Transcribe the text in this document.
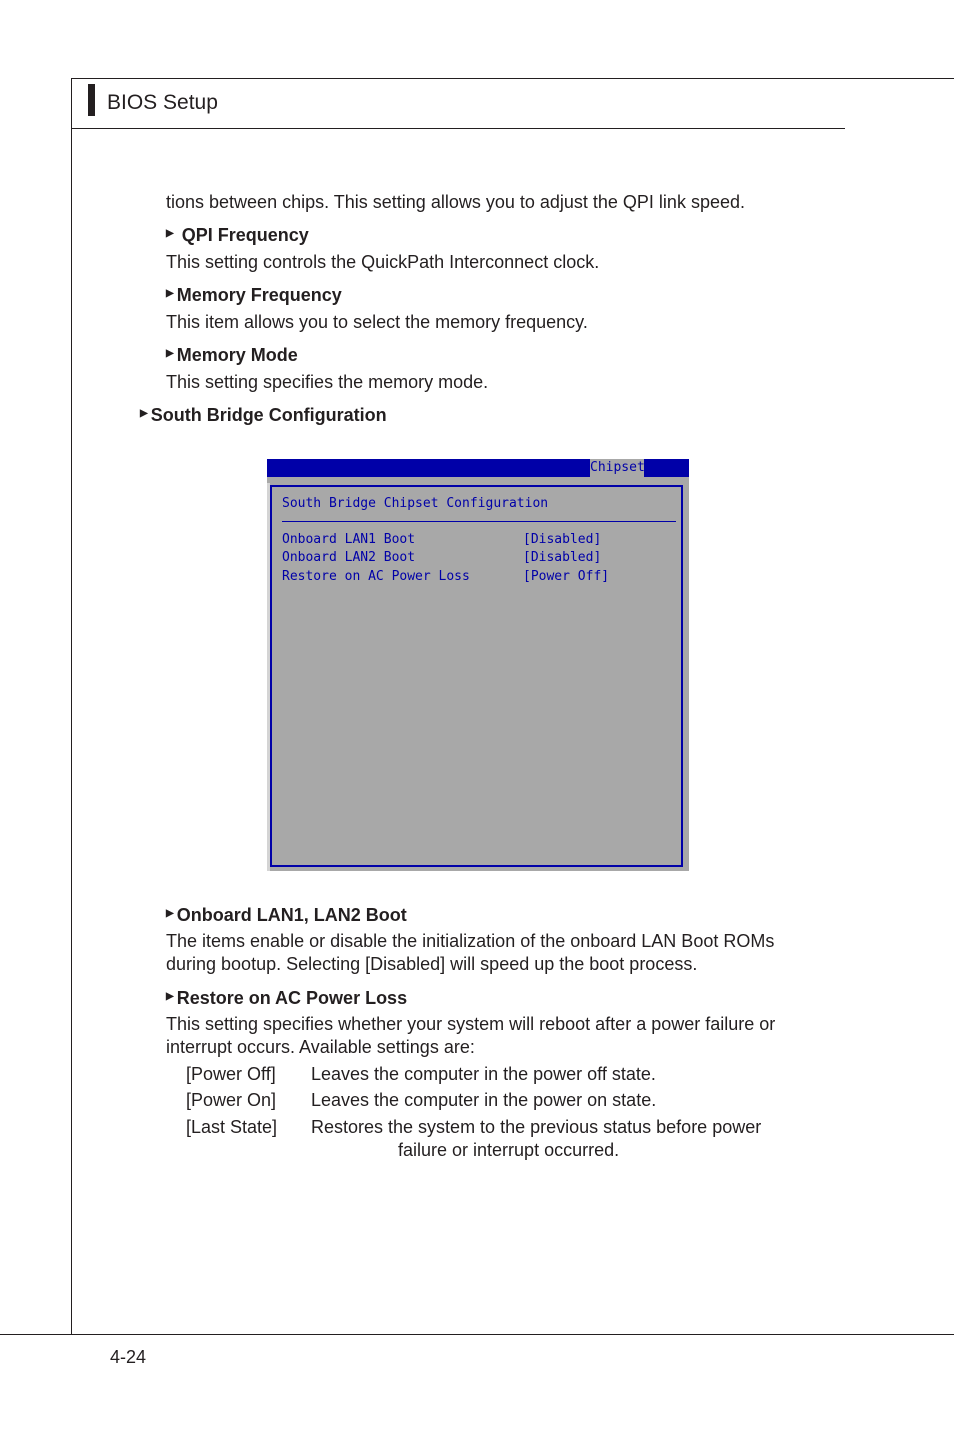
BIOS Setup
tions between chips. This setting allows you to adjust the QPI link speed.
▶ QPI Frequency
This setting controls the QuickPath Interconnect clock.
▶ Memory Frequency
This item allows you to select the memory frequency.
▶ Memory Mode
This setting specifies the memory mode.
▶ South Bridge Configuration
Chipset
South Bridge Chipset Configuration
Onboard LAN1 Boot	[Disabled]
Onboard LAN2 Boot	[Disabled]
Restore on AC Power Loss	[Power Off]
▶ Onboard LAN1, LAN2 Boot
The items enable or disable the initialization of the onboard LAN Boot ROMs
during bootup. Selecting [Disabled] will speed up the boot process.
▶ Restore on AC Power Loss
This setting specifies whether your system will reboot after a power failure or
interrupt occurs. Available settings are:
[Power Off] Leaves the computer in the power off state.
[Power On] Leaves the computer in the power on state.
[Last State] Restores the system to the previous status before power
failure or interrupt occurred.
4-24
